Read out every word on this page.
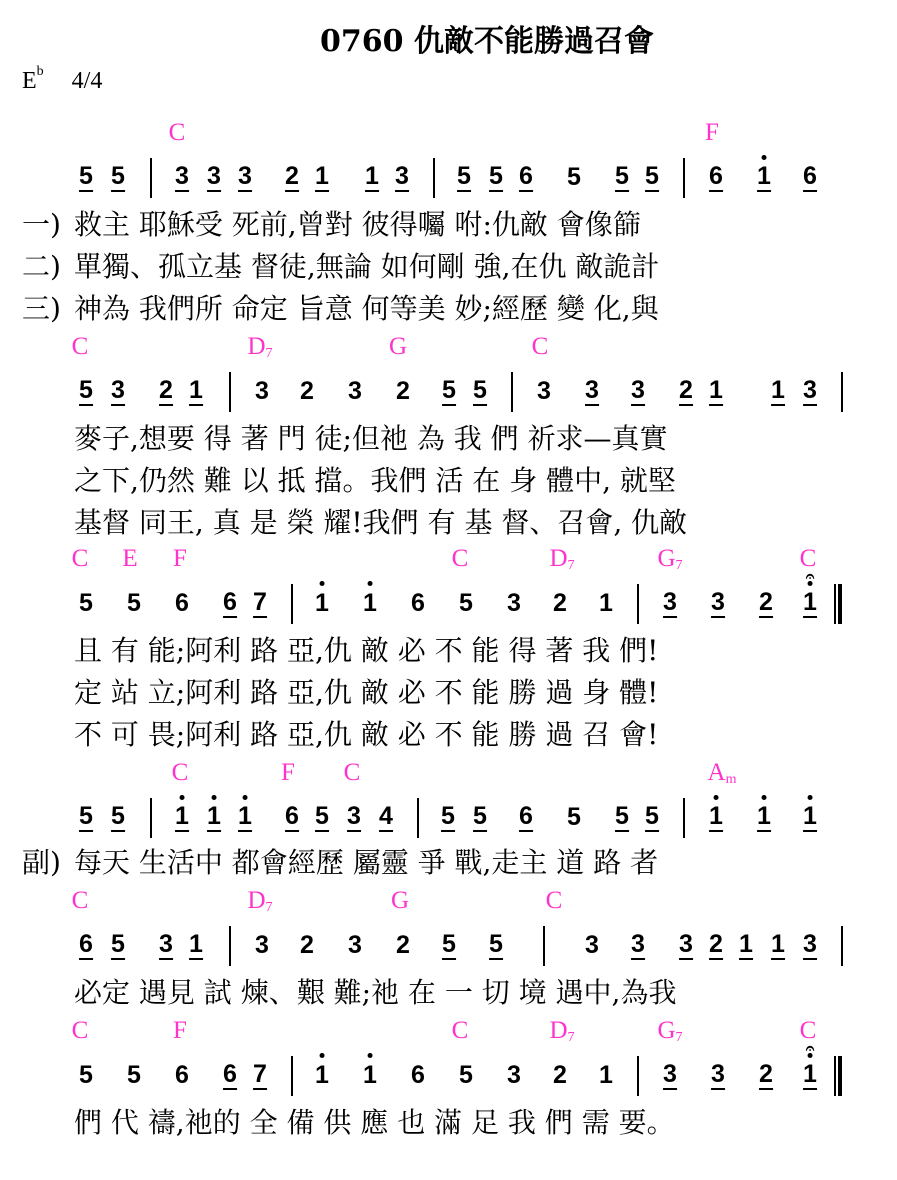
0760 仇敵不能勝過召會
$E^b$ 4/4
C	F
5 5 3 3 3 2 1 1 3 5 5 6 5 5 5 6 1 6
一) 救主 耶穌受 死前,曾對 彼得囑 咐:仇敵 會像篩
二) 單獨、孤立基 督徒,無論 如何剛 強,在仇 敵詭計
三) 神為 我們所 命定 旨意 何等美 妙;經歷 變 化,與
C	$D_7$	G	C
5 3 2 1 3 2 3 2 5 5 3 3 3 2 1 1 3
麥子,想要 得 著 門 徒;但祂 為 我 們 祈求—真實
之下,仍然 難 以 抵 擋。我們 活 在 身 體中, 就堅
基督 同王, 真 是 榮 耀!我們 有 基 督、召會, 仇敵
C E F	C	$D_7$	$G_7$	C
5 5 6 6 7 1 1 6 5 3 2 1 3 3 2 1
𝄐
且 有 能;阿利 路 亞,仇 敵 必 不 能 得 著 我 們!
定 站 立;阿利 路 亞,仇 敵 必 不 能 勝 過 身 體!
不 可 畏;阿利 路 亞,仇 敵 必 不 能 勝 過 召 會!
C	F C	$A_m$
5 5 1 1 1 6 5 3 4 5 5 6 5 5 5 1 1 1
副) 每天 生活中 都會經歷 屬靈 爭 戰,走主 道 路 者
C	$D_7$	G	C
6 5 3 1 3 2 3 2 5 5	3 3 3 2 1 1 3
必定 遇見 試 煉、艱 難;祂 在 一 切 境 遇中,為我
C	F	C	$D_7$	$G_7$	C
5 5 6 6 7 1 1 6 5 3 2 1 3 3 2 1
𝄐
們 代 禱,祂的 全 備 供 應 也 滿 足 我 們 需 要。
